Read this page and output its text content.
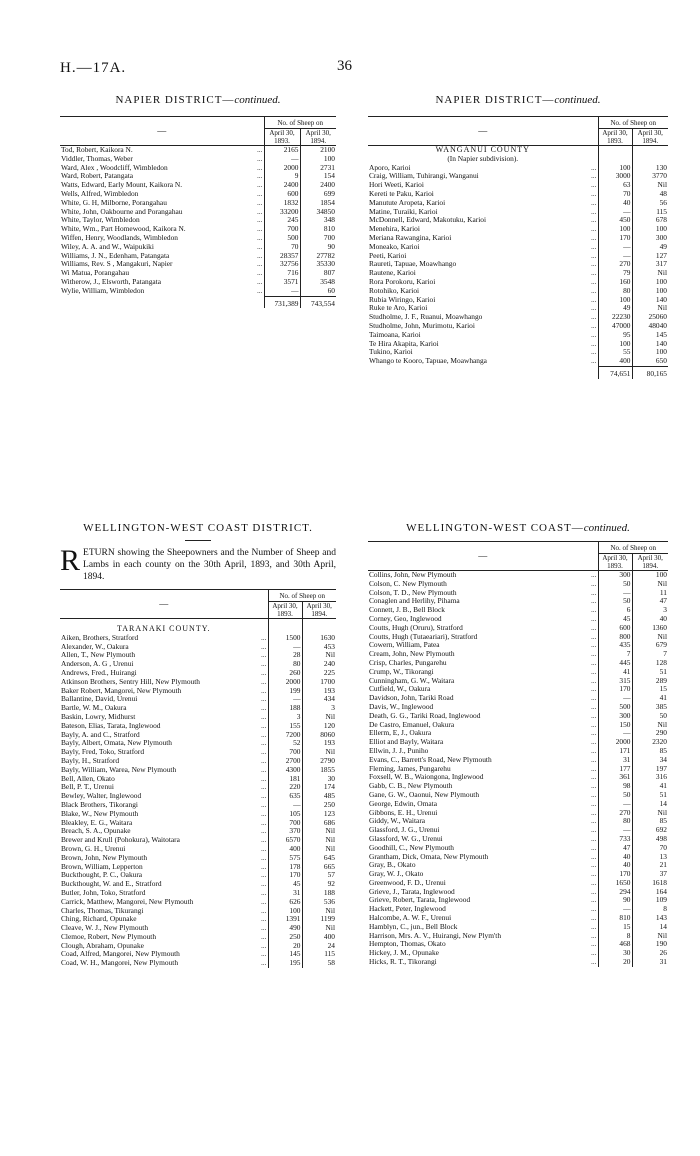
H.—17A.	36
NAPIER DISTRICT—continued.
—		No. of Sheep on	
		April 30, 1893.	April 30, 1894.
Tod, Robert, Kaikora N.	...	2165	2100
Viddler, Thomas, Weber	...	—	100
Ward, Alex , Woodcliff, Wimbledon	...	2000	2731
Ward, Robert, Patangata	...	9	154
Watts, Edward, Early Mount, Kaikora N.	...	2400	2400
Wells, Alfred, Wimbledon	...	600	699
White, G. H, Milborne, Porangahau	...	1832	1854
White, John, Oakbourne and Porangahau	...	33200	34850
White, Taylor, Wimbledon	...	245	348
White, Wm., Part Homewood, Kaikora N.	...	700	810
Wiffen, Henry, Woodlands, Wimbledon	...	500	700
Wiley, A. A. and W., Waipukiki	...	70	90
Williams, J. N., Edenham, Patangata	...	28357	27782
Williams, Rev. S , Mangakuri, Napier	...	32756	35330
Wi Matua, Porangahau	...	716	807
Witherow, J., Elsworth, Patangata	...	3571	3548
Wylie, William, Wimbledon	...	—	60
		731,389	743,554
NAPIER DISTRICT—continued.
—		No. of Sheep on	
		April 30, 1893.	April 30, 1894.
WANGANUI COUNTY			
(In Napier subdivision).			
Aporo, Karioi	...	100	130
Craig, William, Tuhirangi, Wanganui	...	3000	3770
Hori Weeti, Karioi	...	63	Nil
Kereti te Paku, Karioi	...	70	48
Manutute Aropeta, Karioi	...	40	56
Matine, Turaiki, Karioi	...	—	115
McDonnell, Edward, Makotuku, Karioi	...	450	678
Menehira, Karioi	...	100	100
Meriana Rawangina, Karioi	...	170	300
Moneako, Karioi	...	—	49
Peeti, Karioi	...	—	127
Raureti, Tapuae, Moawhango	...	270	317
Rautene, Karioi	...	79	Nil
Rora Porokoru, Karioi	...	160	100
Rotohiko, Karioi	...	80	100
Rubia Wiringo, Karioi	...	100	140
Ruke te Aro, Karioi	...	49	Nil
Studholme, J. F., Ruanui, Moawhango	...	22230	25060
Studholme, John, Murimotu, Karioi	...	47000	48040
Taimoana, Karioi	...	95	145
Te Hira Akapita, Karioi	...	100	140
Tukino, Karioi	...	55	100
Whango te Kooro, Tapuae, Moawhanga	...	400	650
		74,651	80,165
WELLINGTON-WEST COAST DISTRICT.
RETURN showing the Sheepowners and the Number of Sheep and Lambs in each county on the 30th April, 1893, and 30th April, 1894.
—		No. of Sheep on	
		April 30, 1893.	April 30, 1894.
TARANAKI COUNTY.			
Aiken, Brothers, Stratford	...	1500	1630
Alexander, W., Oakura	...	—	453
Allen, T., New Plymouth	...	28	Nil
Anderson, A. G , Urenui	...	80	240
Andrews, Fred., Huirangi	...	260	225
Atkinson Brothers, Sentry Hill, New Plymouth	...	2000	1700
Baker Robert, Mangorei, New Plymouth	...	199	193
Ballantine, David, Urenui	...	—	434
Bartle, W. M., Oakura	...	188	3
Baskin, Lowry, Midhurst	...	3	Nil
Bateson, Elias, Tarata, Inglewood	...	155	120
Bayly, A. and C., Stratford	...	7200	8060
Bayly, Albert, Omata, New Plymouth	...	52	193
Bayly, Fred, Toko, Stratford	...	700	Nil
Bayly, H., Stratford	...	2700	2790
Bayly, William, Warea, New Plymouth	...	4300	1855
Bell, Allen, Okato	...	181	30
Bell, P. T., Urenui	...	220	174
Bewley, Walter, Inglewood	...	635	485
Black Brothers, Tikorangi	...	—	250
Blake, W., New Plymouth	...	105	123
Bleakley, E. G., Waitara	...	700	686
Breach, S. A., Opunake	...	370	Nil
Brewer and Krull (Pohokura), Waitotara	...	6570	Nil
Brown, G. H., Urenui	...	400	Nil
Brown, John, New Plymouth	...	575	645
Brown, William, Lepperton	...	178	665
Buckthought, P. C., Oakura	...	170	57
Buckthought, W. and E., Stratford	...	45	92
Butler, John, Toko, Stratford	...	31	188
Carrick, Matthew, Mangorei, New Plymouth	...	626	536
Charles, Thomas, Tikurangi	...	100	Nil
Ching, Richard, Opunake	...	1391	1199
Cleave, W. J., New Plymouth	...	490	Nil
Clemoe, Robert, New Plymouth	...	250	400
Clough, Abraham, Opunake	...	20	24
Coad, Alfred, Mangorei, New Plymouth	...	145	115
Coad, W. H., Mangorei, New Plymouth	...	195	58
WELLINGTON-WEST COAST—continued.
—		No. of Sheep on	
		April 30, 1893.	April 30, 1894.
Collins, John, New Plymouth	...	300	100
Colson, C. New Plymouth	...	50	Nil
Colson, T. D., New Plymouth	...	—	11
Conaglen and Herlihy, Pihama	...	50	47
Connett, J. B., Bell Block	...	6	3
Corney, Geo, Inglewood	...	45	40
Coutts, Hugh (Oruru), Stratford	...	600	1360
Coutts, Hugh (Tutaeariari), Stratford	...	800	Nil
Cowern, William, Patea	...	435	679
Cream, John, New Plymouth	...	7	7
Crisp, Charles, Pungarehu	...	445	128
Crump, W., Tikorangi	...	41	51
Cunningham, G. W., Waitara	...	315	289
Cutfield, W., Oakura	...	170	15
Davidson, John, Tariki Road	...	—	41
Davis, W., Inglewood	...	500	385
Death, G. G., Tariki Road, Inglewood	...	300	50
De Castro, Emanuel, Oakura	...	150	Nil
Ellerm, E, J., Oakura	...	—	290
Elliot and Bayly, Waitara	...	2000	2320
Ellwin, J. J., Puniho	...	171	85
Evans, C., Barrett's Road, New Plymouth	...	31	34
Fleming, James, Pungarehu	...	177	197
Foxsell, W. B., Waiongona, Inglewood	...	361	316
Gabb, C. B., New Plymouth	...	98	41
Gane, G. W., Oaonui, New Plymouth	...	50	51
George, Edwin, Omata	...	—	14
Gibbons, E. H., Urenui	...	270	Nil
Giddy, W., Waitara	...	80	85
Glassford, J. G., Urenui	...	—	692
Glassford, W. G., Urenui	...	733	498
Goodhill, C., New Plymouth	...	47	70
Grantham, Dick, Omata, New Plymouth	...	40	13
Gray, B., Okato	...	40	21
Gray, W. J., Okato	...	170	37
Greenwood, F. D., Urenui	...	1650	1618
Grieve, J., Tarata, Inglewood	...	294	164
Grieve, Robert, Tarata, Inglewood	...	90	109
Hackett, Peter, Inglewood	...	—	8
Halcombe, A. W. F., Urenui	...	810	143
Hamblyn, C., jun., Bell Block	...	15	14
Harrison, Mrs. A. V., Huirangi, New Plym'th	...	8	Nil
Hempton, Thomas, Okato	...	468	190
Hickey, J. M., Opunake	...	30	26
Hicks, R. T., Tikorangi	...	20	31
